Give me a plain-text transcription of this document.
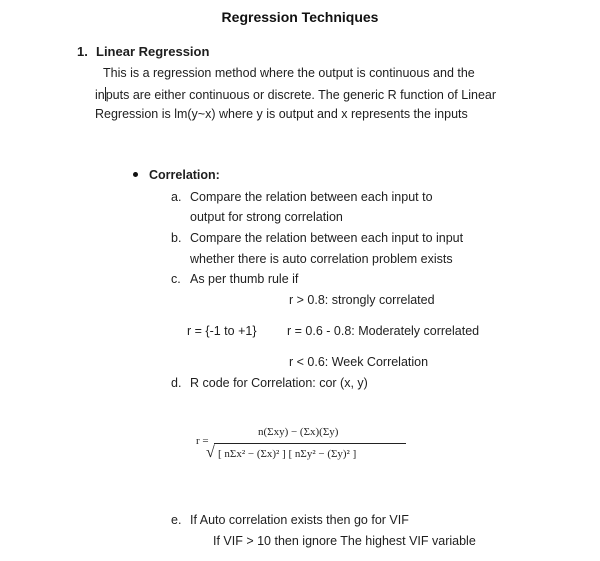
Regression Techniques
1. Linear Regression
This is a regression method where the output is continuous and the
inputs are either continuous or discrete. The generic R function of Linear
Regression is lm(y~x) where y is output and x represents the inputs
Correlation:
a. Compare the relation between each input to
output for strong correlation
b. Compare the relation between each input to input
whether there is auto correlation problem exists
c. As per thumb rule if
r > 0.8: strongly correlated
r = {-1 to +1} r = 0.6 - 0.8: Moderately correlated
r < 0.6: Week Correlation
d. R code for Correlation: cor (x, y)
r =
n(Σxy) − (Σx)(Σy)
√ [ nΣx² − (Σx)² ] [ nΣy² − (Σy)² ]
e. If Auto correlation exists then go for VIF
If VIF > 10 then ignore The highest VIF variable
